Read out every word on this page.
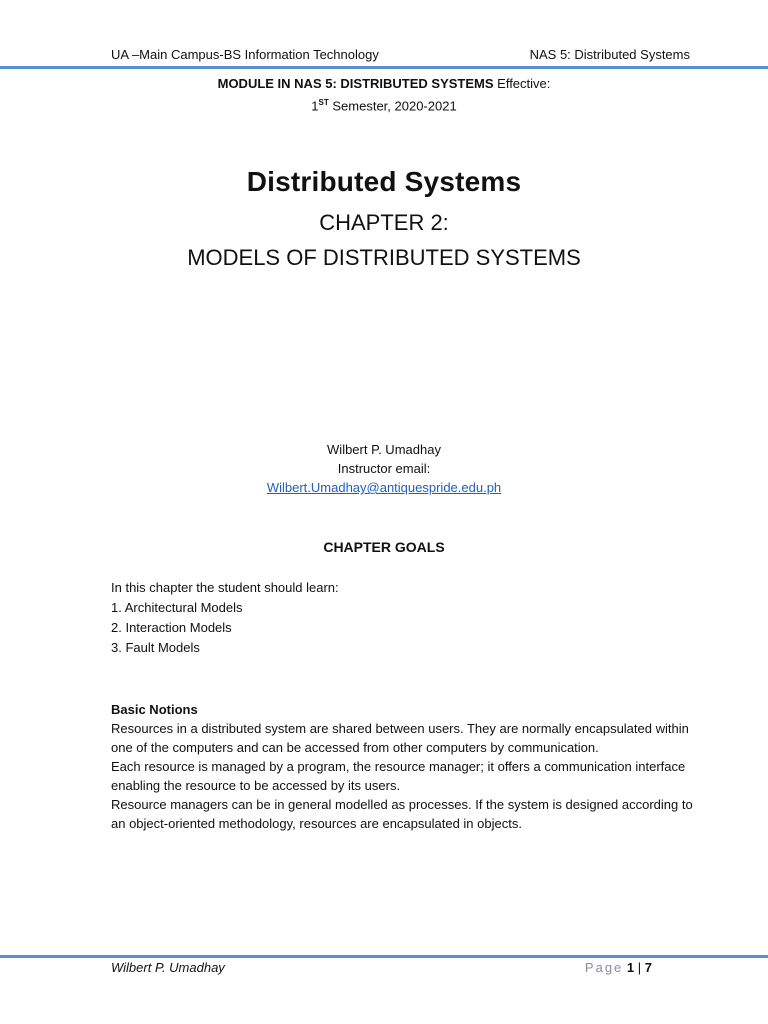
UA –Main Campus-BS Information Technology	NAS 5: Distributed Systems
MODULE IN NAS 5: DISTRIBUTED SYSTEMS Effective:
1ST Semester, 2020-2021
Distributed Systems
CHAPTER 2:
MODELS OF DISTRIBUTED SYSTEMS
Wilbert P. Umadhay
Instructor email:
Wilbert.Umadhay@antiquespride.edu.ph
CHAPTER GOALS
In this chapter the student should learn:
1. Architectural Models
2. Interaction Models
3. Fault Models
Basic Notions

Resources in a distributed system are shared between users. They are normally encapsulated within one of the computers and can be accessed from other computers by communication.

Each resource is managed by a program, the resource manager; it offers a communication interface enabling the resource to be accessed by its users.

Resource managers can be in general modelled as processes. If the system is designed according to an object-oriented methodology, resources are encapsulated in objects.

Wilbert P. Umadhay	Page 1 | 7
